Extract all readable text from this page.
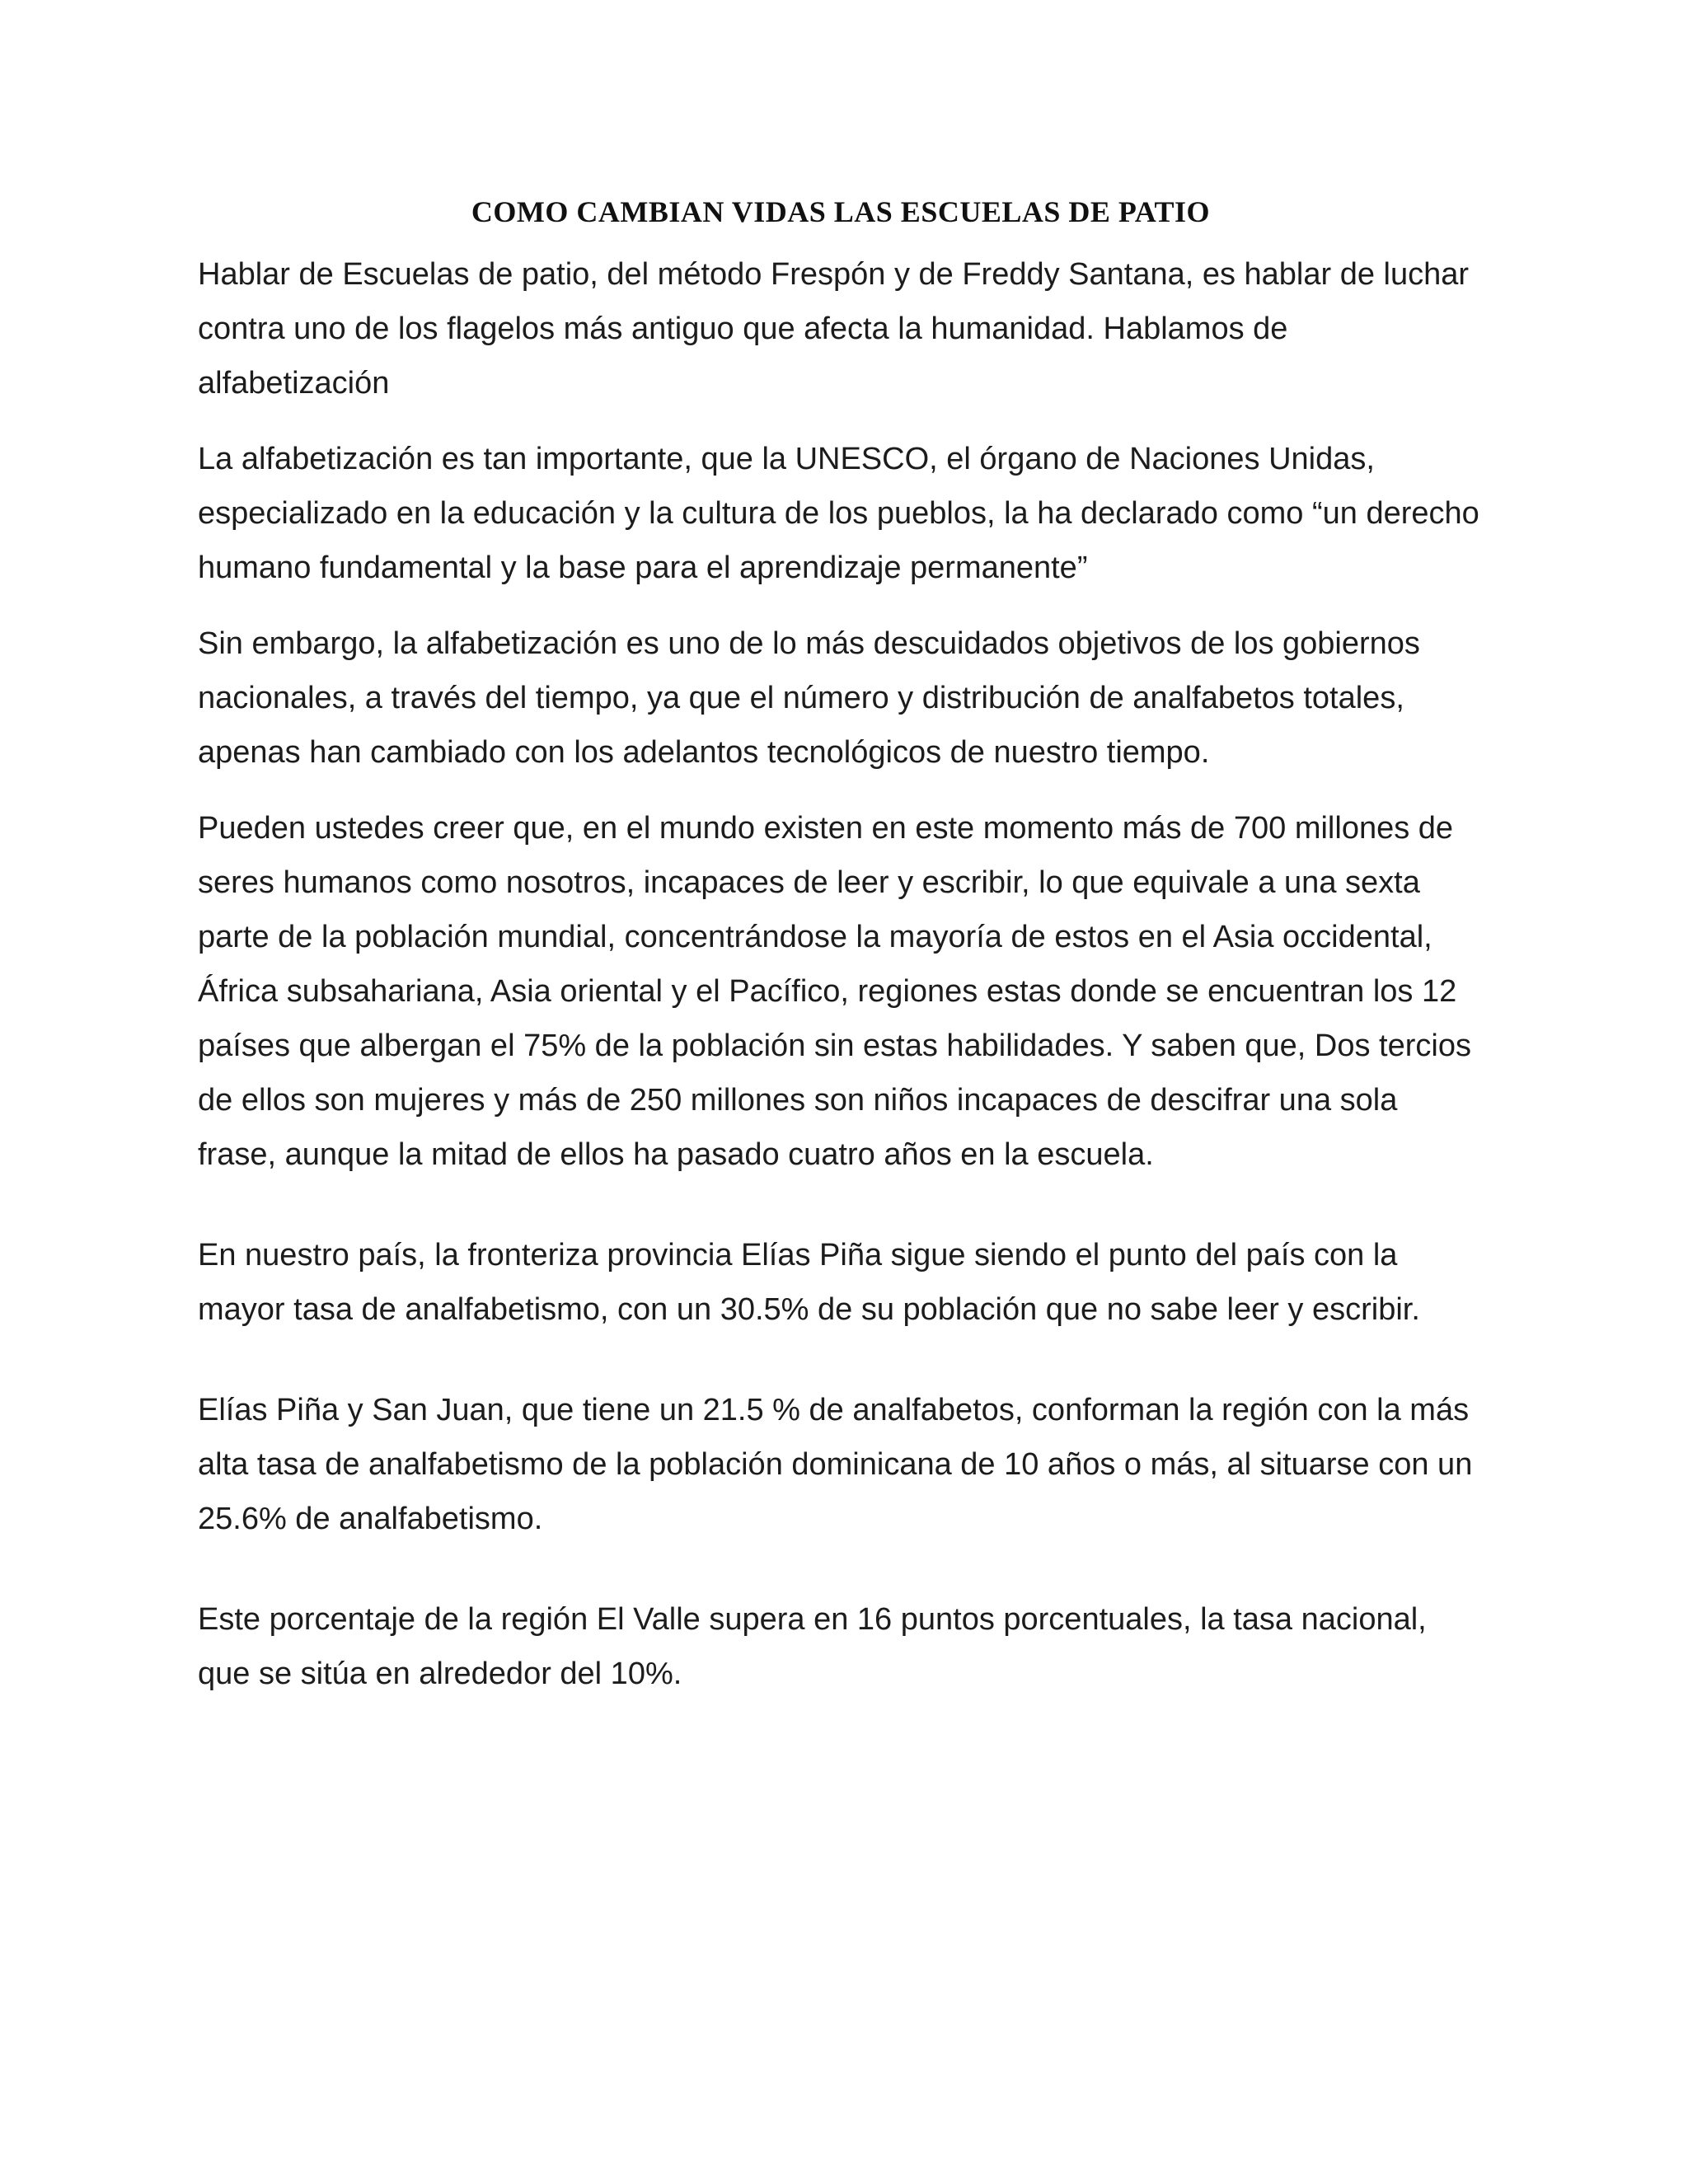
COMO CAMBIAN VIDAS LAS ESCUELAS DE PATIO

Hablar de Escuelas de patio, del método Frespón y de Freddy Santana, es hablar de luchar contra uno de los flagelos más antiguo que afecta la humanidad. Hablamos de alfabetización

La alfabetización es tan importante, que la UNESCO, el órgano de Naciones Unidas, especializado en la educación y la cultura de los pueblos, la ha declarado como “un derecho humano fundamental y la base para el aprendizaje permanente”

Sin embargo, la alfabetización es uno de lo más descuidados objetivos de los gobiernos nacionales, a través del tiempo, ya que el número y distribución de analfabetos totales, apenas han cambiado con los adelantos tecnológicos de nuestro tiempo.

Pueden ustedes creer que, en el mundo existen en este momento más de 700 millones de seres humanos como nosotros, incapaces de leer y escribir, lo que equivale a una sexta parte de la población mundial, concentrándose la mayoría de estos en el Asia occidental, África subsahariana, Asia oriental y el Pacífico, regiones estas donde se encuentran los 12 países que albergan el 75% de la población sin estas habilidades. Y saben que, Dos tercios de ellos son mujeres y más de 250 millones son niños incapaces de descifrar una sola frase, aunque la mitad de ellos ha pasado cuatro años en la escuela.

En nuestro país, la fronteriza provincia Elías Piña sigue siendo el punto del país con la mayor tasa de analfabetismo, con un 30.5% de su población que no sabe leer y escribir.

Elías Piña y San Juan, que tiene un 21.5 % de analfabetos, conforman la región con la más alta tasa de analfabetismo de la población dominicana de 10 años o más, al situarse con un 25.6% de analfabetismo.

Este porcentaje de la región El Valle supera en 16 puntos porcentuales, la tasa nacional, que se sitúa en alrededor del 10%.
